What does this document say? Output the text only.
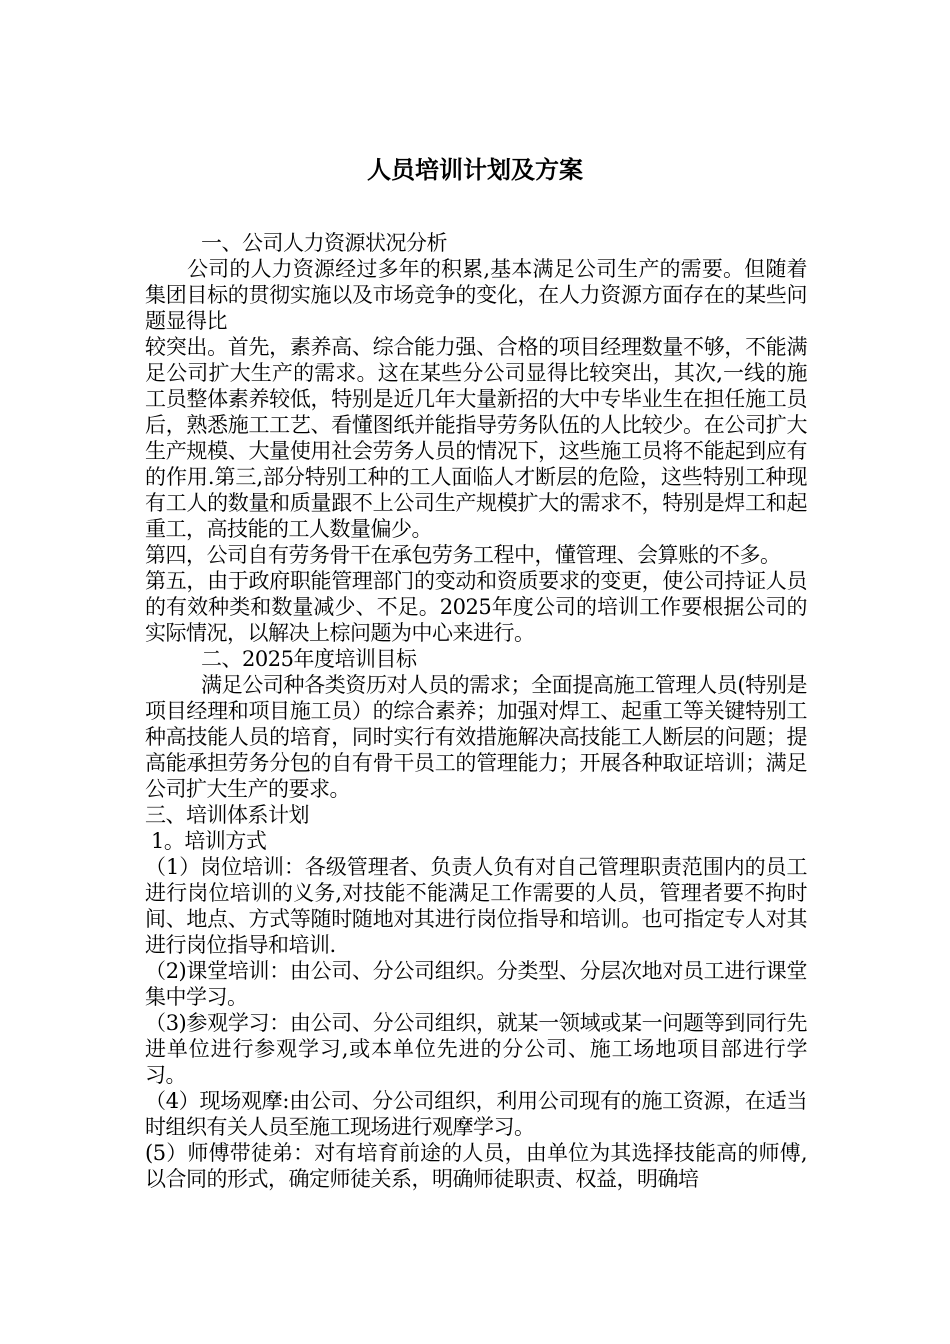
人员培训计划及方案

一、公司人力资源状况分析

公司的人力资源经过多年的积累,基本满足公司生产的需要。但随着集团目标的贯彻实施以及市场竞争的变化，在人力资源方面存在的某些问题显得比

较突出。首先，素养高、综合能力强、合格的项目经理数量不够，不能满足公司扩大生产的需求。这在某些分公司显得比较突出，其次,一线的施工员整体素养较低，特别是近几年大量新招的大中专毕业生在担任施工员后，熟悉施工工艺、看懂图纸并能指导劳务队伍的人比较少。在公司扩大生产规模、大量使用社会劳务人员的情况下，这些施工员将不能起到应有的作用.第三,部分特别工种的工人面临人才断层的危险，这些特别工种现有工人的数量和质量跟不上公司生产规模扩大的需求不，特别是焊工和起重工，高技能的工人数量偏少。

第四，公司自有劳务骨干在承包劳务工程中，懂管理、会算账的不多。

第五，由于政府职能管理部门的变动和资质要求的变更，使公司持证人员的有效种类和数量减少、不足。2025年度公司的培训工作要根据公司的实际情况，以解决上棕问题为中心来进行。

二、2025年度培训目标

满足公司种各类资历对人员的需求；全面提高施工管理人员(特别是项目经理和项目施工员）的综合素养；加强对焊工、起重工等关键特别工种高技能人员的培育，同时实行有效措施解决高技能工人断层的问题；提高能承担劳务分包的自有骨干员工的管理能力；开展各种取证培训；满足公司扩大生产的要求。

三、培训体系计划

1。培训方式

（1）岗位培训：各级管理者、负责人负有对自己管理职责范围内的员工进行岗位培训的义务,对技能不能满足工作需要的人员，管理者要不拘时间、地点、方式等随时随地对其进行岗位指导和培训。也可指定专人对其进行岗位指导和培训.

（2)课堂培训：由公司、分公司组织。分类型、分层次地对员工进行课堂集中学习。

（3)参观学习：由公司、分公司组织，就某一领域或某一问题等到同行先进单位进行参观学习,或本单位先进的分公司、施工场地项目部进行学习。

（4）现场观摩:由公司、分公司组织，利用公司现有的施工资源，在适当时组织有关人员至施工现场进行观摩学习。

(5）师傅带徒弟：对有培育前途的人员，由单位为其选择技能高的师傅,以合同的形式，确定师徒关系，明确师徒职责、权益，明确培
